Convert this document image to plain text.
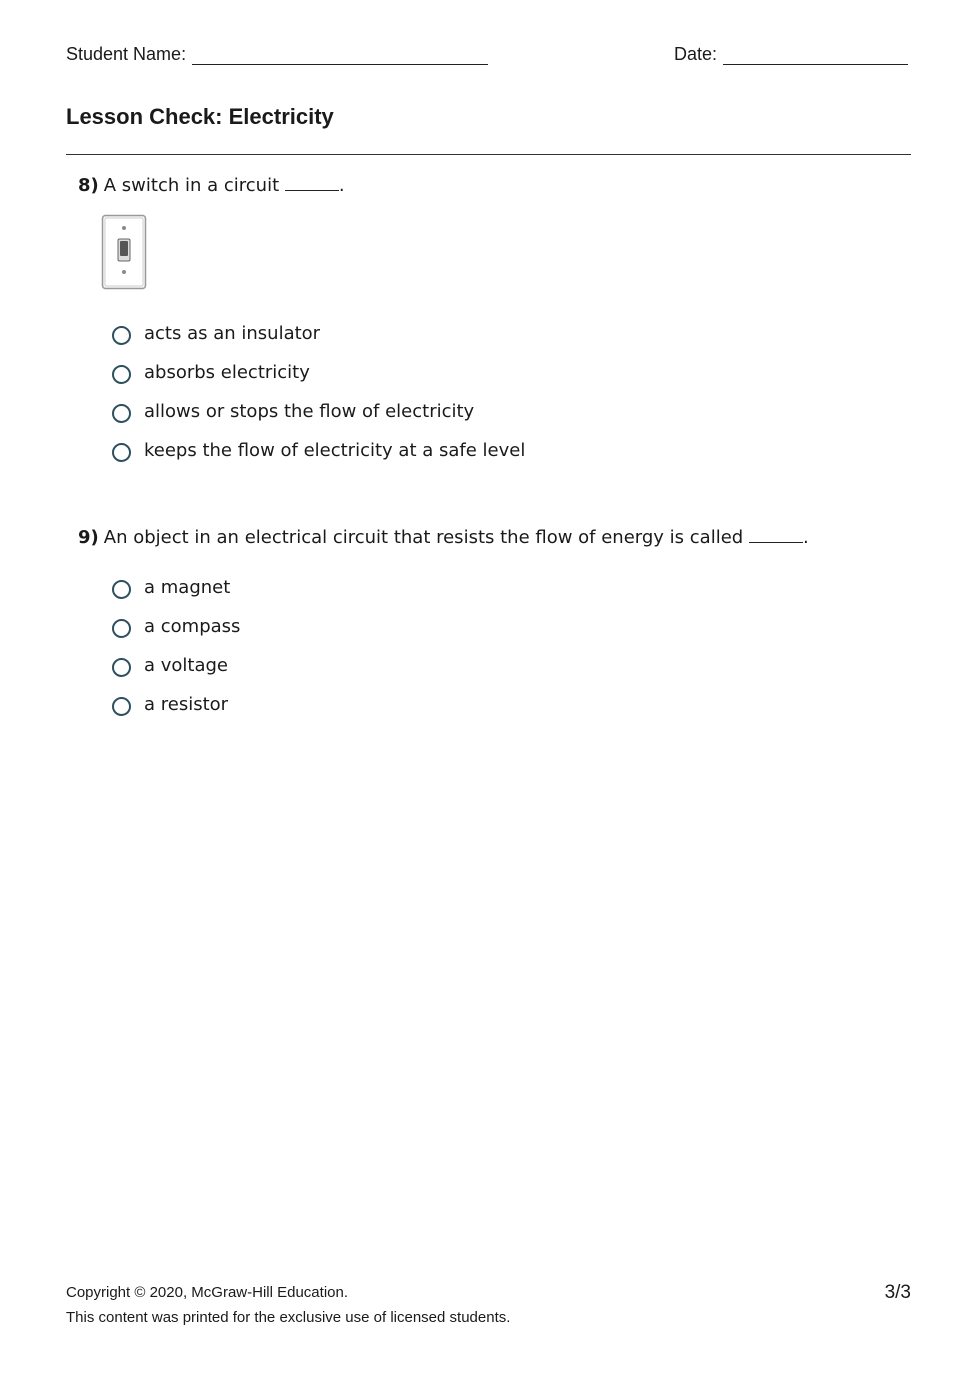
Student Name:	Date:
Lesson Check: Electricity
8) A switch in a circuit	.
acts as an insulator
absorbs electricity
allows or stops the flow of electricity
keeps the flow of electricity at a safe level
9) An object in an electrical circuit that resists the flow of energy is called	.
a magnet
a compass
a voltage
a resistor
Copyright © 2020, McGraw-Hill Education.
This content was printed for the exclusive use of licensed students.
3/3
